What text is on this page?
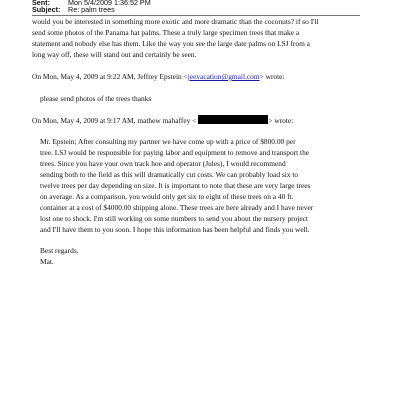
Sent:	Mon 5/4/2009 1:36:52 PM
Subject: Re: palm trees
would you be interested in something more exotic and more dramatic than the coconuts? if so I'll
send some photos of the Panama hat palms. These a truly large specimen trees that make a
statement and nobody else has them. Like the way you see the large date palms on LSJ from a
long way off, these will stand out and certainly be seen.
On Mon, May 4, 2009 at 9:22 AM, Jeffrey Epstein <jeevacation@gmail.com> wrote:
please send photos of the trees thanks
On Mon, May 4, 2009 at 9:17 AM, mathew mahaffey <	> wrote:
Mr. Epstein; After consulting my partner we have come up with a price of $800.00 per
tree. LSJ would be responsible for paying labor and equipment to remove and transport the
trees. Since you have your own track hoe and operator (Jules), I would recommend
sending both to the field as this will dramatically cut costs. We can probably load six to
twelve trees per day depending on size. It is important to note that these are very large trees
on average. As a comparison, you would only get six to eight of these trees on a 40 ft.
container at a cost of $4000.00 shipping alone. These trees are here already and I have never
lost one to shock. I'm still working on some numbers to send you about the nursery project
and I'll have them to you soon. I hope this information has been helpful and finds you well.
Best regards.
Mat.
